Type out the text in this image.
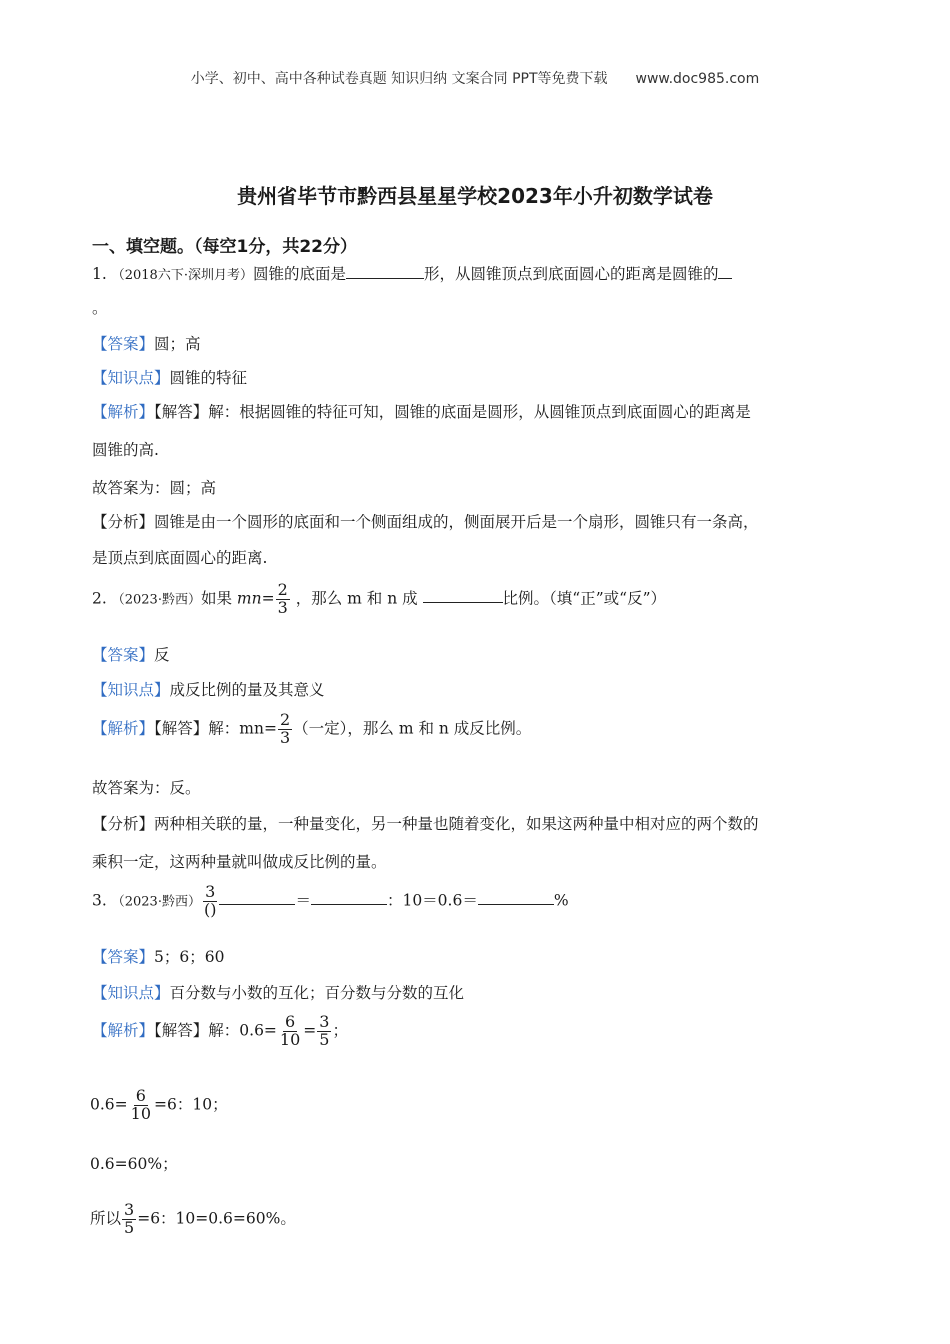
小学、初中、高中各种试卷真题 知识归纳 文案合同 PPT等免费下载 www.doc985.com
贵州省毕节市黔西县星星学校2023年小升初数学试卷
一、填空题。（每空1分，共22分）
1. （2018六下·深圳月考）圆锥的底面是	形，从圆锥顶点到底面圆心的距离是圆锥的
。
【答案】圆；高
【知识点】圆锥的特征
【解析】【解答】解：根据圆锥的特征可知，圆锥的底面是圆形，从圆锥顶点到底面圆心的距离是
圆锥的高.
故答案为：圆；高
【分析】圆锥是由一个圆形的底面和一个侧面组成的，侧面展开后是一个扇形，圆锥只有一条高，
是顶点到底面圆心的距离.
2. （2023·黔西）如果 $mn= \frac{2}{3}$ ，那么 m 和 n 成	比例。（填“正”或“反”）
【答案】反
【知识点】成反比例的量及其意义
【解析】【解答】解：$mn= \frac{2}{3}$ （一定），那么 m 和 n 成反比例。
故答案为：反。
【分析】两种相关联的量，一种量变化，另一种量也随着变化，如果这两种量中相对应的两个数的
乘积一定，这两种量就叫做成反比例的量。
3. （2023·黔西） $\frac{3}{()}$	＝	：10＝0.6＝	%
【答案】5；6；60
【知识点】百分数与小数的互化；百分数与分数的互化
【解析】【解答】解：$0.6= \frac{6}{10} = \frac{3}{5}$ ；
$0.6= \frac{6}{10} =6$：10；
0.6=60%；
所以 $\frac{3}{5} =6$：10=0.6=60%。
